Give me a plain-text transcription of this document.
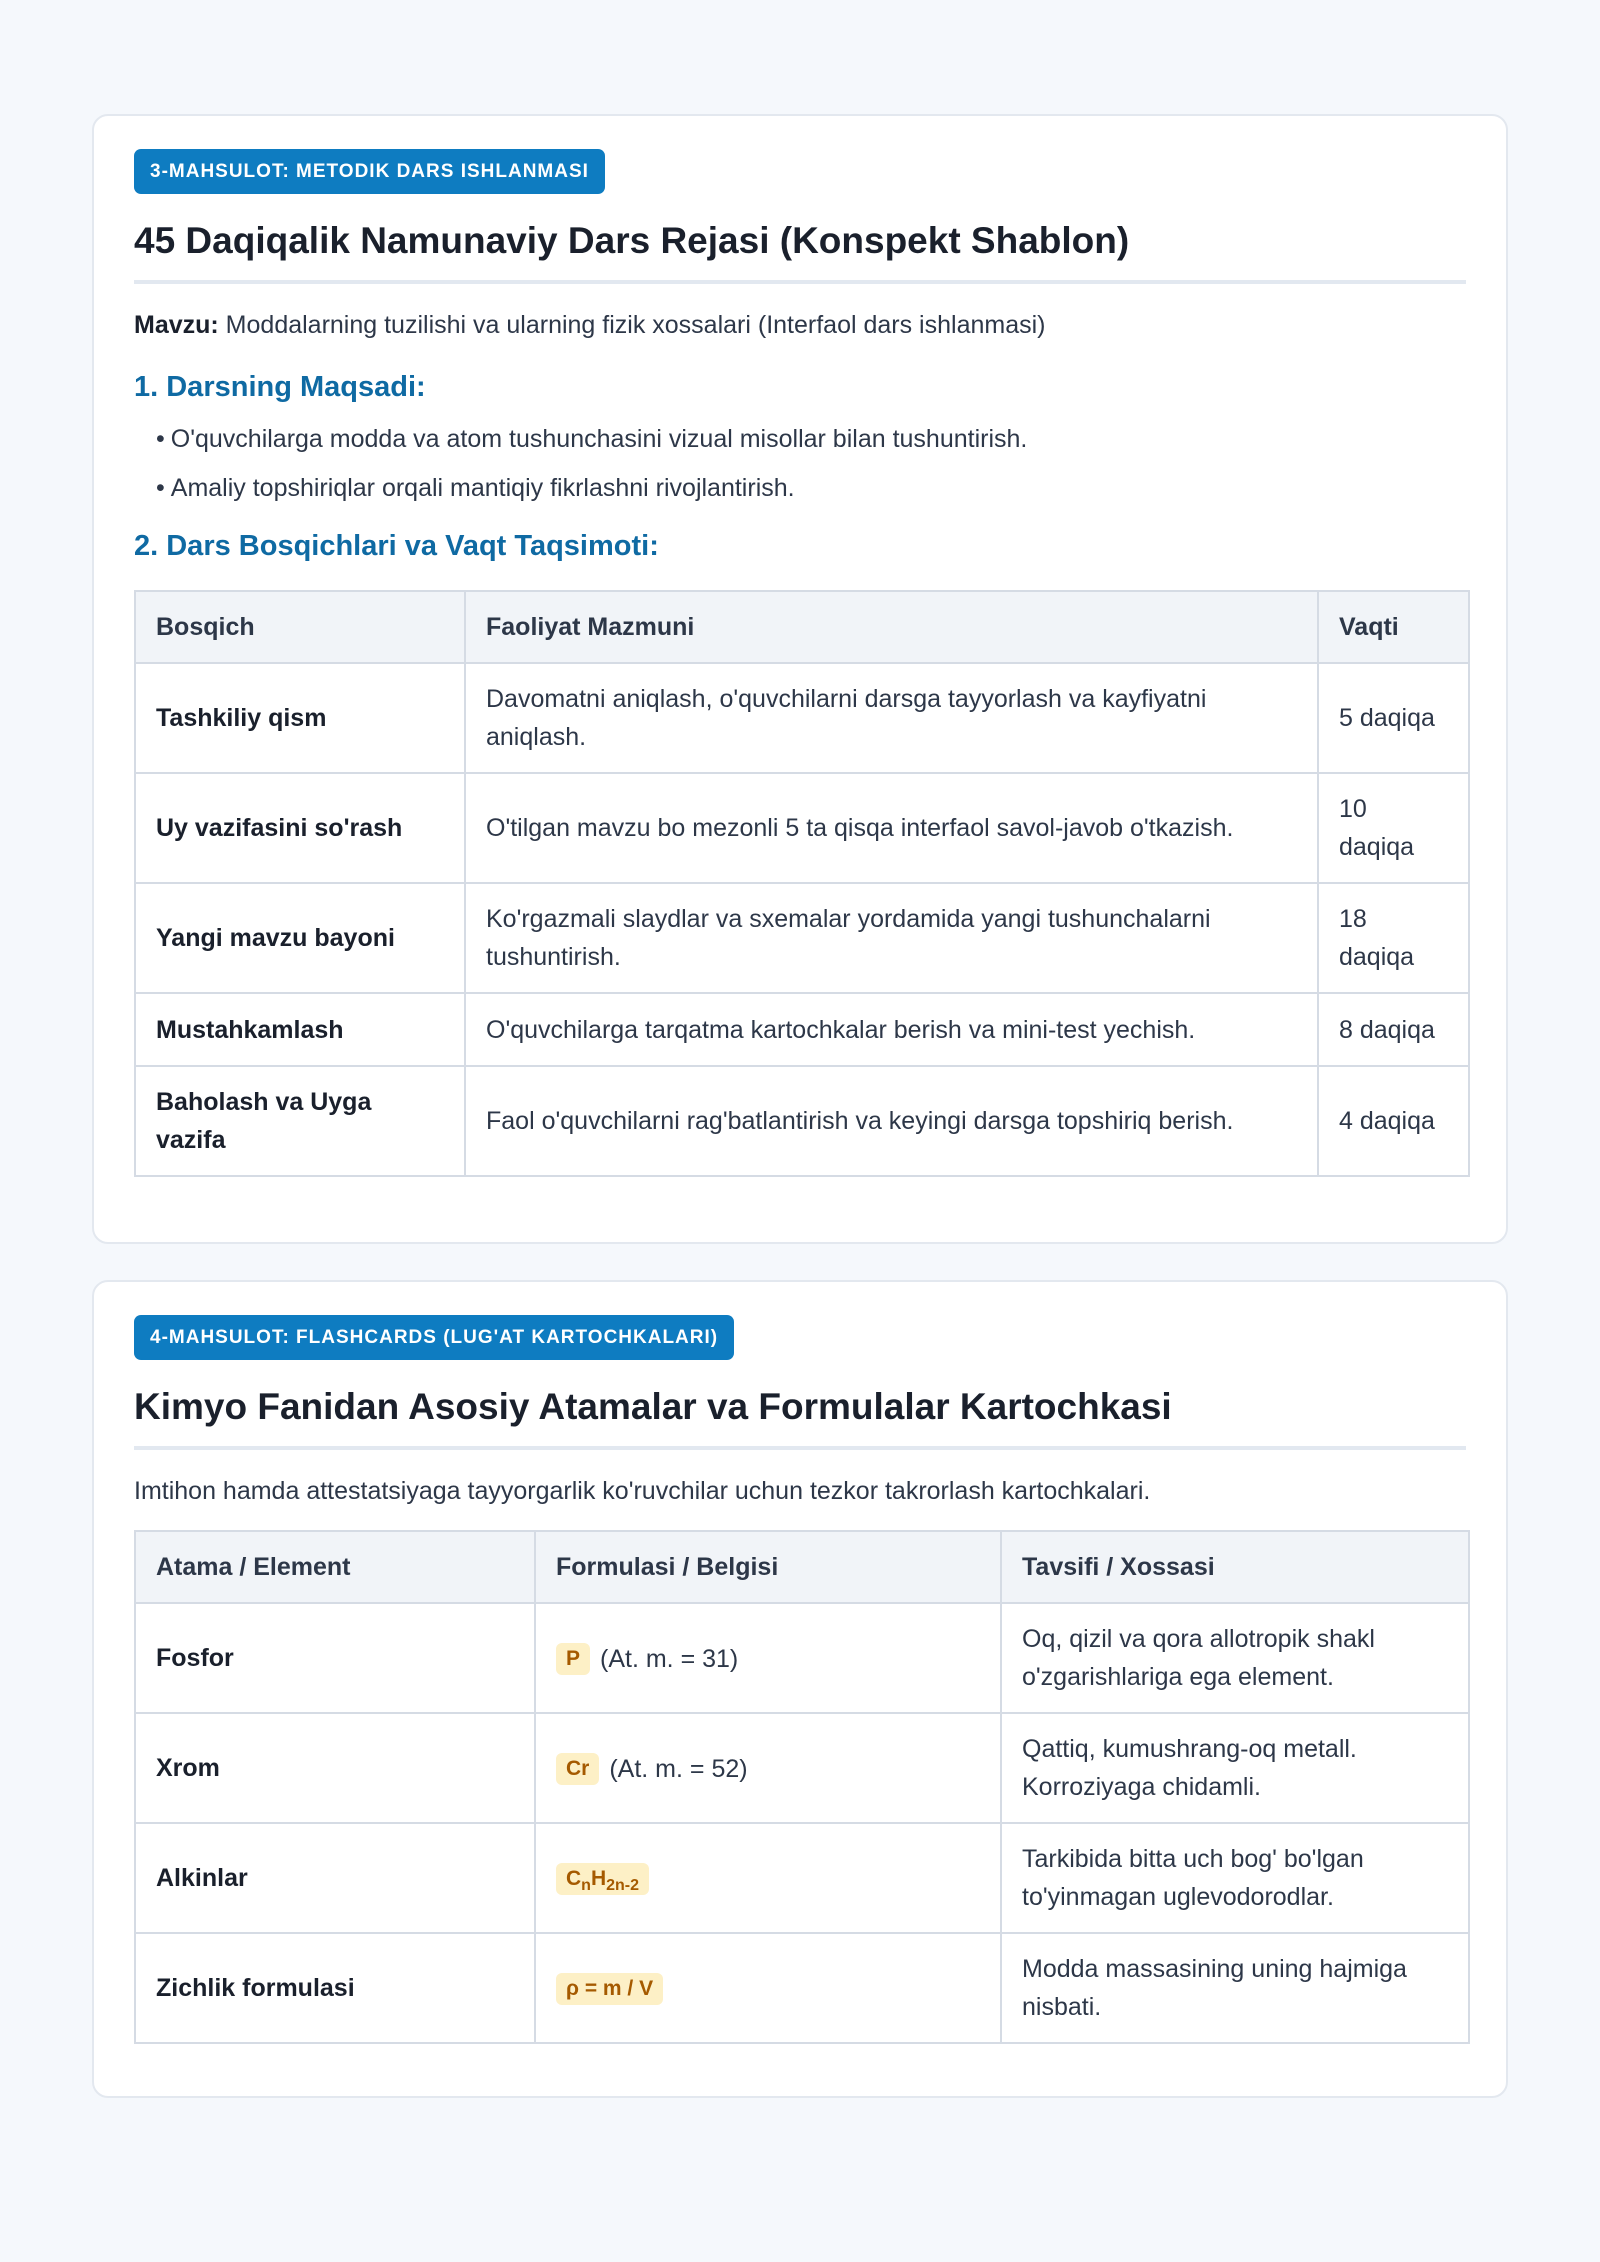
3-MAHSULOT: METODIK DARS ISHLANMASI
45 Daqiqalik Namunaviy Dars Rejasi (Konspekt Shablon)
Mavzu: Moddalarning tuzilishi va ularning fizik xossalari (Interfaol dars ishlanmasi)
1. Darsning Maqsadi:
• O'quvchilarga modda va atom tushunchasini vizual misollar bilan tushuntirish.
• Amaliy topshiriqlar orqali mantiqiy fikrlashni rivojlantirish.
2. Dars Bosqichlari va Vaqt Taqsimoti:
Bosqich	Faoliyat Mazmuni	Vaqti
Tashkiliy qism	Davomatni aniqlash, o'quvchilarni darsga tayyorlash va kayfiyatni aniqlash.	5 daqiqa
Uy vazifasini so'rash	O'tilgan mavzu bo mezonli 5 ta qisqa interfaol savol-javob o'tkazish.	10 daqiqa
Yangi mavzu bayoni	Ko'rgazmali slaydlar va sxemalar yordamida yangi tushunchalarni tushuntirish.	18 daqiqa
Mustahkamlash	O'quvchilarga tarqatma kartochkalar berish va mini-test yechish.	8 daqiqa
Baholash va Uyga vazifa	Faol o'quvchilarni rag'batlantirish va keyingi darsga topshiriq berish.	4 daqiqa
4-MAHSULOT: FLASHCARDS (LUG'AT KARTOCHKALARI)
Kimyo Fanidan Asosiy Atamalar va Formulalar Kartochkasi
Imtihon hamda attestatsiyaga tayyorgarlik ko'ruvchilar uchun tezkor takrorlash kartochkalari.
Atama / Element	Formulasi / Belgisi	Tavsifi / Xossasi
Fosfor	P (At. m. = 31)	Oq, qizil va qora allotropik shakl o'zgarishlariga ega element.
Xrom	Cr (At. m. = 52)	Qattiq, kumushrang-oq metall. Korroziyaga chidamli.
Alkinlar	$C_nH_{2n-2}$	Tarkibida bitta uch bog' bo'lgan to'yinmagan uglevodorodlar.
Zichlik formulasi	ρ = m / V	Modda massasining uning hajmiga nisbati.
